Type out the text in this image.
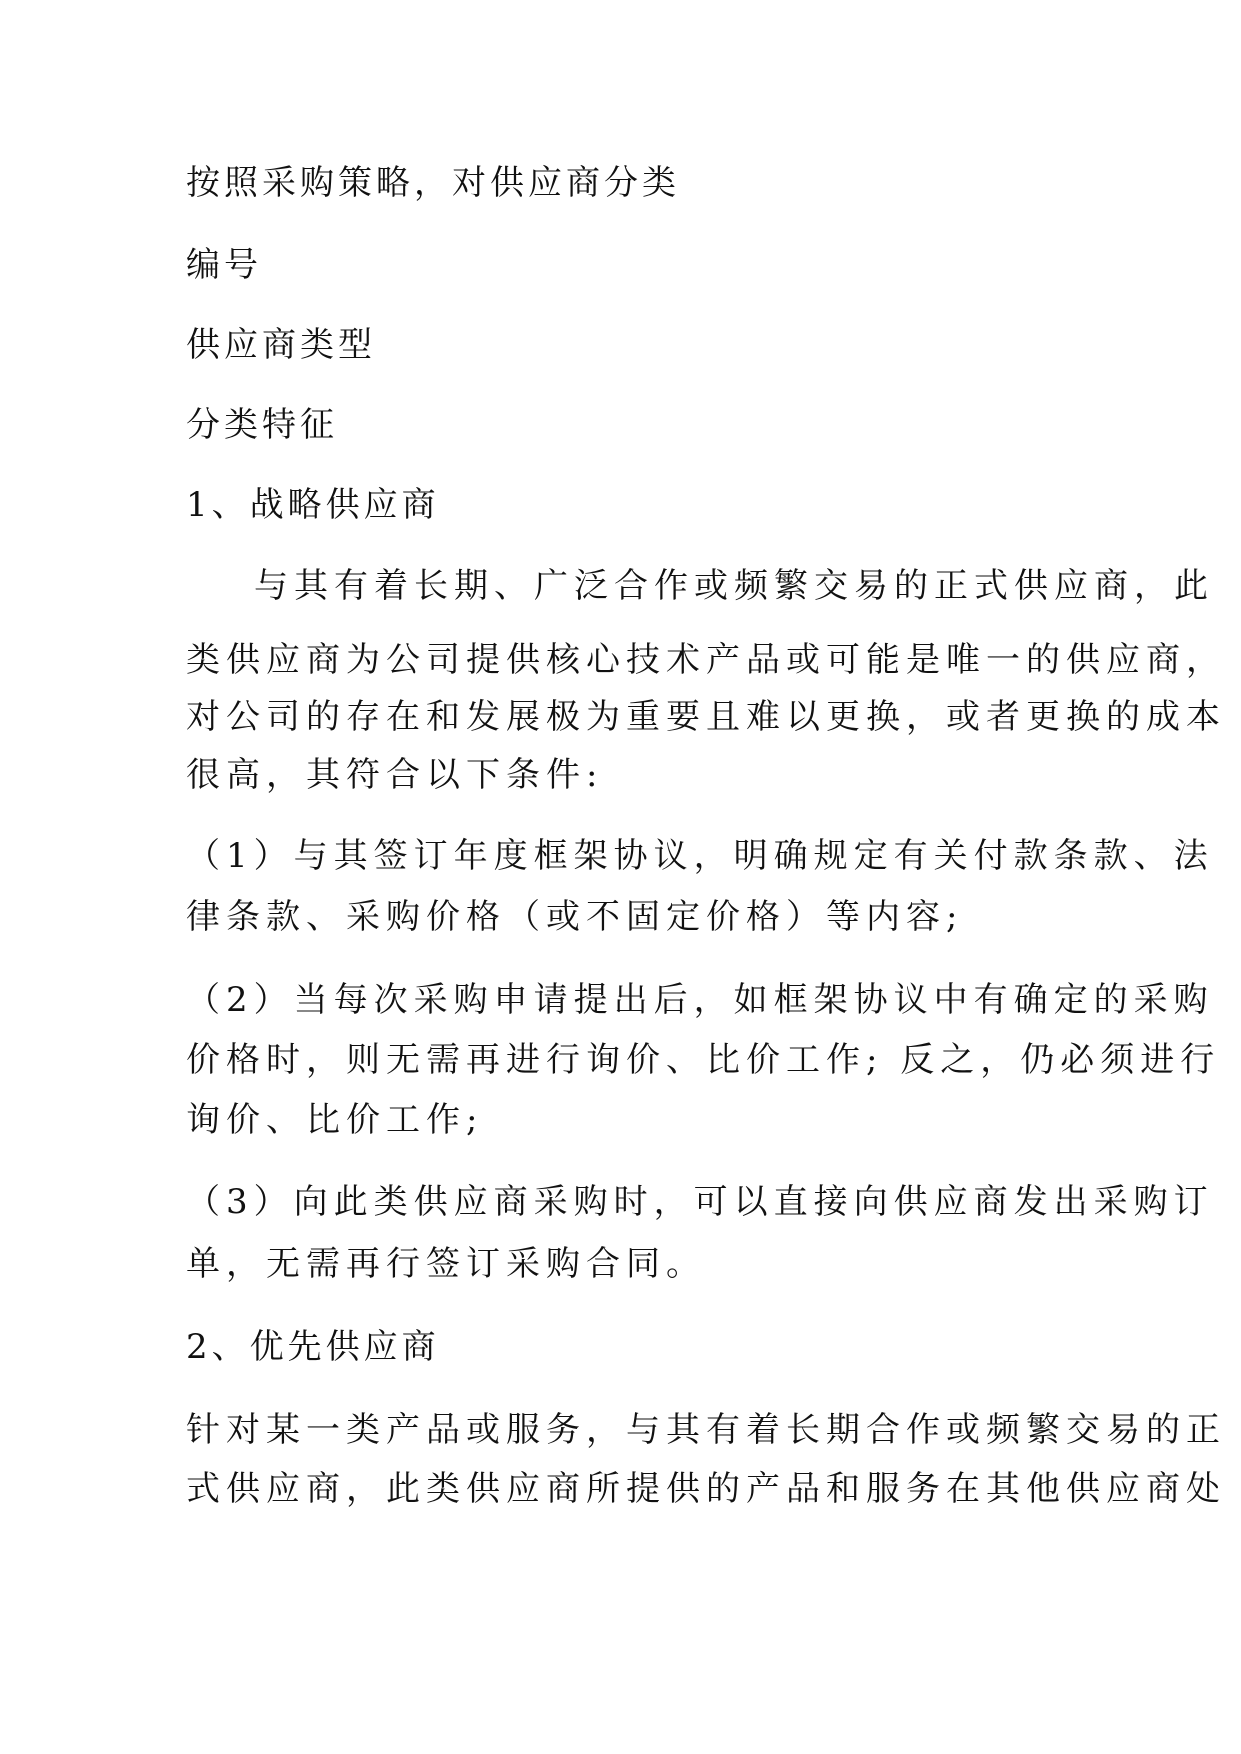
按照采购策略，对供应商分类

编号

供应商类型

分类特征

1、战略供应商

与其有着长期、广泛合作或频繁交易的正式供应商，此

类供应商为公司提供核心技术产品或可能是唯一的供应商，

对公司的存在和发展极为重要且难以更换，或者更换的成本

很高，其符合以下条件:

（1）与其签订年度框架协议，明确规定有关付款条款、法

律条款、采购价格（或不固定价格）等内容;

（2）当每次采购申请提出后，如框架协议中有确定的采购

价格时，则无需再进行询价、比价工作; 反之，仍必须进行

询价、比价工作;

（3）向此类供应商采购时，可以直接向供应商发出采购订

单，无需再行签订采购合同。

2、优先供应商

针对某一类产品或服务，与其有着长期合作或频繁交易的正

式供应商，此类供应商所提供的产品和服务在其他供应商处
